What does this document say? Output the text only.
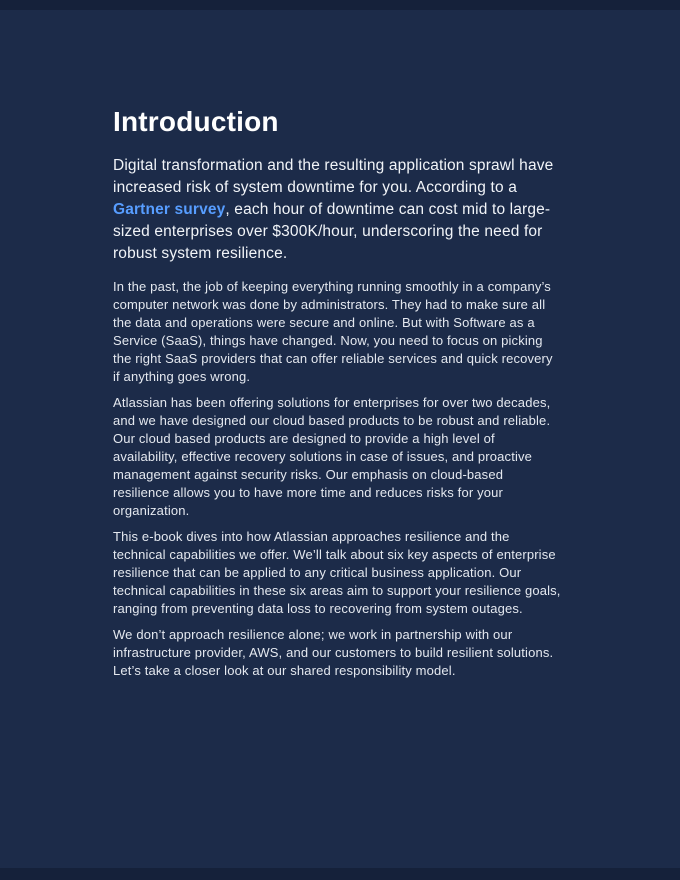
Introduction

Digital transformation and the resulting application sprawl have increased risk of system downtime for you. According to a Gartner survey, each hour of downtime can cost mid to large-sized enterprises over $300K/hour, underscoring the need for robust system resilience.

In the past, the job of keeping everything running smoothly in a company’s computer network was done by administrators. They had to make sure all the data and operations were secure and online. But with Software as a Service (SaaS), things have changed. Now, you need to focus on picking the right SaaS providers that can offer reliable services and quick recovery if anything goes wrong.

Atlassian has been offering solutions for enterprises for over two decades, and we have designed our cloud based products to be robust and reliable. Our cloud based products are designed to provide a high level of availability, effective recovery solutions in case of issues, and proactive management against security risks. Our emphasis on cloud-based resilience allows you to have more time and reduces risks for your organization.

This e-book dives into how Atlassian approaches resilience and the technical capabilities we offer. We’ll talk about six key aspects of enterprise resilience that can be applied to any critical business application. Our technical capabilities in these six areas aim to support your resilience goals, ranging from preventing data loss to recovering from system outages.

We don’t approach resilience alone; we work in partnership with our infrastructure provider, AWS, and our customers to build resilient solutions. Let’s take a closer look at our shared responsibility model.
